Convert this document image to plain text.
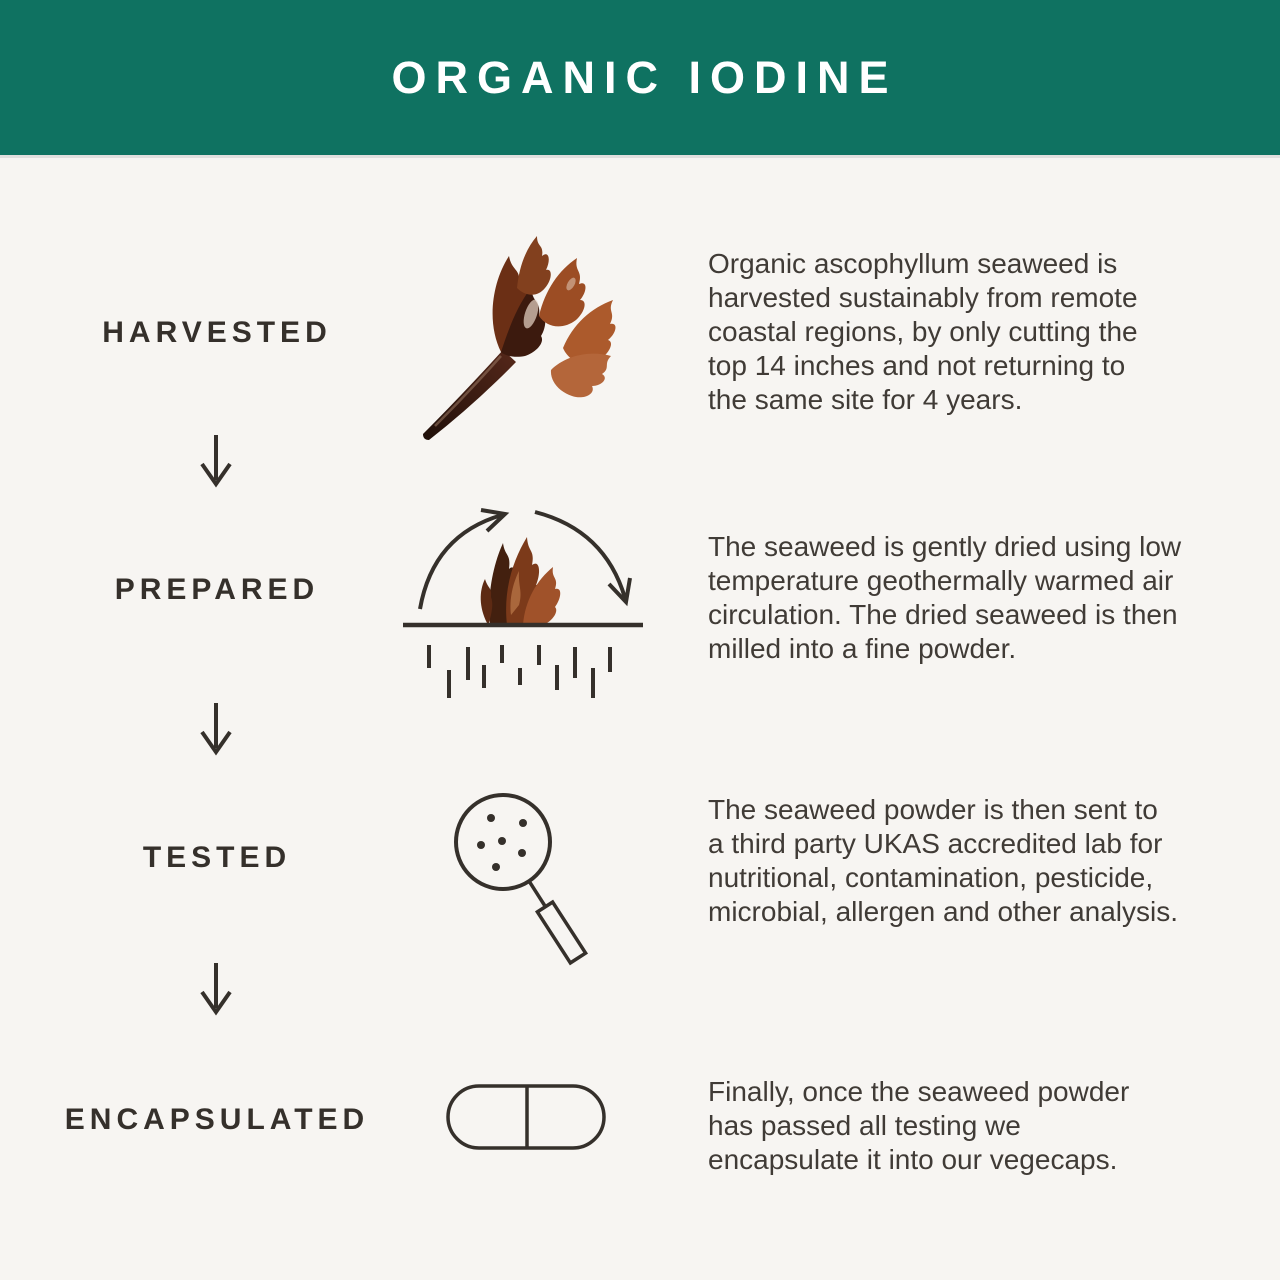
ORGANIC IODINE
HARVESTED
PREPARED
TESTED
ENCAPSULATED
Organic ascophyllum seaweed is
harvested sustainably from remote
coastal regions, by only cutting the
top 14 inches and not returning to
the same site for 4 years.
The seaweed is gently dried using low
temperature geothermally warmed air
circulation. The dried seaweed is then
milled into a fine powder.
The seaweed powder is then sent to
a third party UKAS accredited lab for
nutritional, contamination, pesticide,
microbial, allergen and other analysis.
Finally, once the seaweed powder
has passed all testing we
encapsulate it into our vegecaps.
